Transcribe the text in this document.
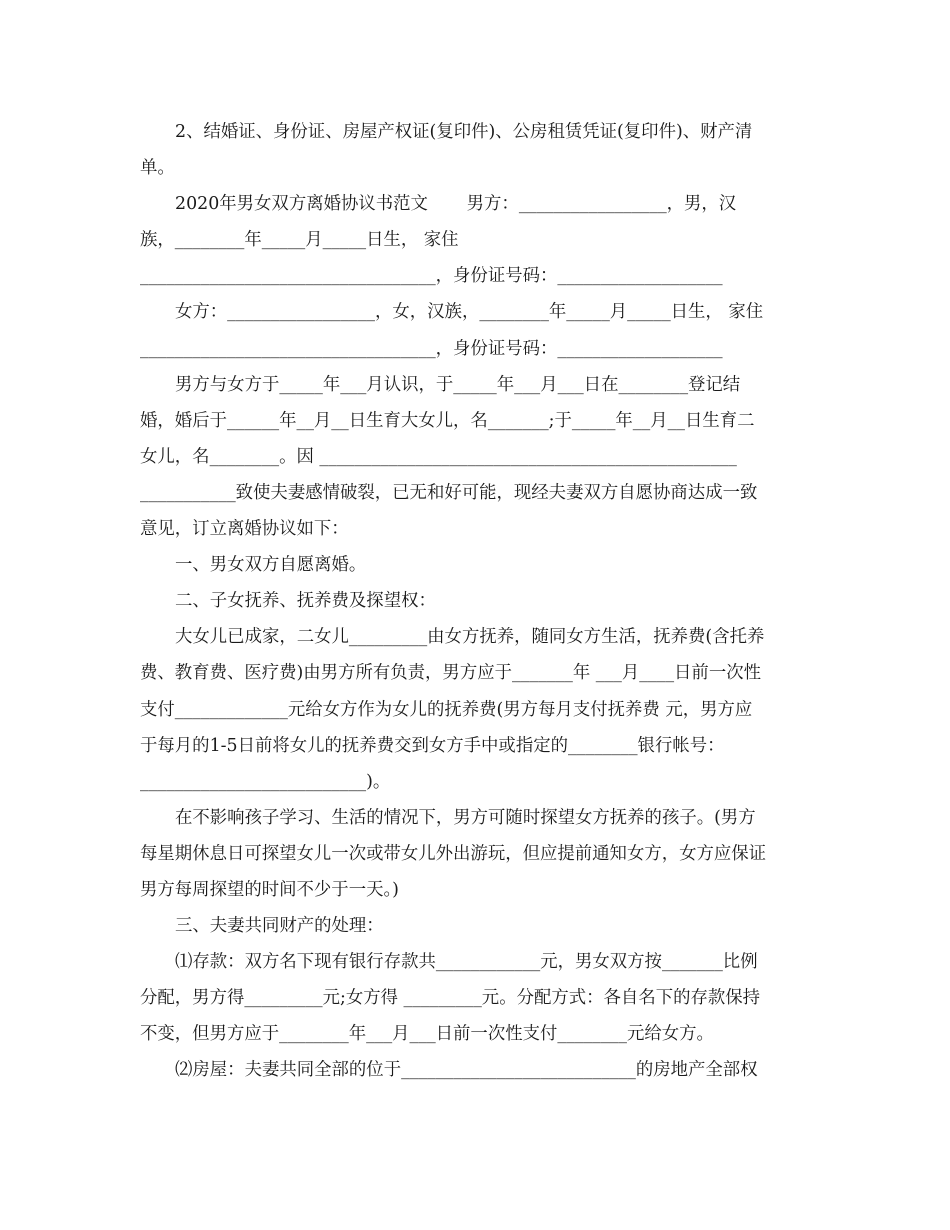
2、结婚证、身份证、房屋产权证(复印件)、公房租赁凭证(复印件)、财产清
单。
2020年男女双方离婚协议书范文       男方：_________________，男，汉
族，________年_____月_____日生， 家住
__________________________________，身份证号码：___________________
女方：_________________，女，汉族，________年_____月_____日生， 家住
__________________________________，身份证号码：___________________
男方与女方于_____年___月认识，于_____年___月___日在________登记结
婚，婚后于______年__月__日生育大女儿，名_______;于_____年__月__日生育二
女儿，名________。因 ________________________________________________
___________致使夫妻感情破裂，已无和好可能，现经夫妻双方自愿协商达成一致
意见，订立离婚协议如下：
一、男女双方自愿离婚。
二、子女抚养、抚养费及探望权：
大女儿已成家，二女儿_________由女方抚养，随同女方生活，抚养费(含托养
费、教育费、医疗费)由男方所有负责，男方应于_______年 ___月____日前一次性
支付_____________元给女方作为女儿的抚养费(男方每月支付抚养费 元，男方应
于每月的1-5日前将女儿的抚养费交到女方手中或指定的________银行帐号：
__________________________)。
在不影响孩子学习、生活的情况下，男方可随时探望女方抚养的孩子。(男方
每星期休息日可探望女儿一次或带女儿外出游玩，但应提前通知女方，女方应保证
男方每周探望的时间不少于一天。)
三、夫妻共同财产的处理：
⑴存款：双方名下现有银行存款共____________元，男女双方按_______比例
分配，男方得_________元;女方得 _________元。分配方式：各自名下的存款保持
不变，但男方应于________年___月___日前一次性支付________元给女方。
⑵房屋：夫妻共同全部的位于___________________________的房地产全部权
